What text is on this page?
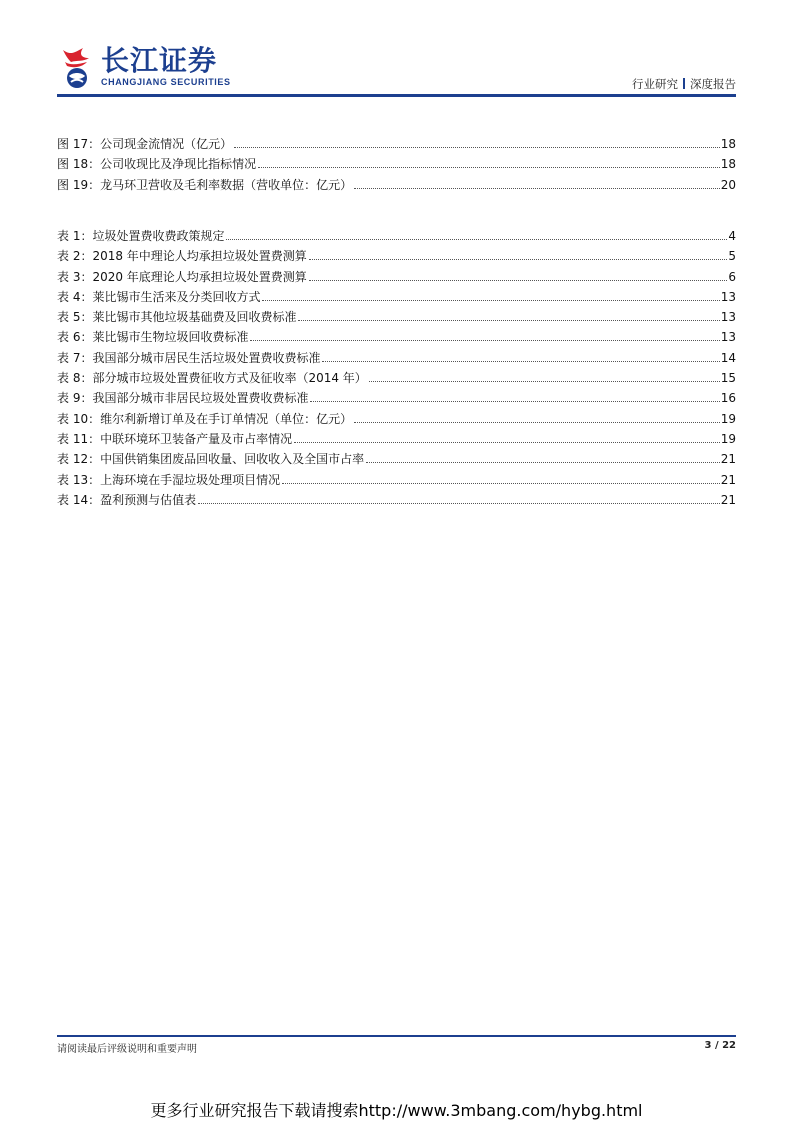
长江证券
CHANGJIANG SECURITIES	行业研究 深度报告
图 17：公司现金流情况（亿元）	18
图 18：公司收现比及净现比指标情况	18
图 19：龙马环卫营收及毛利率数据（营收单位：亿元）	20
表 1：垃圾处置费收费政策规定	4
表 2：2018 年中理论人均承担垃圾处置费测算	5
表 3：2020 年底理论人均承担垃圾处置费测算	6
表 4：莱比锡市生活来及分类回收方式	13
表 5：莱比锡市其他垃圾基础费及回收费标准	13
表 6：莱比锡市生物垃圾回收费标准	13
表 7：我国部分城市居民生活垃圾处置费收费标准	14
表 8：部分城市垃圾处置费征收方式及征收率（2014 年）	15
表 9：我国部分城市非居民垃圾处置费收费标准	16
表 10：维尔利新增订单及在手订单情况（单位：亿元）	19
表 11：中联环境环卫装备产量及市占率情况	19
表 12：中国供销集团废品回收量、回收收入及全国市占率	21
表 13：上海环境在手湿垃圾处理项目情况	21
表 14：盈利预测与估值表	21
请阅读最后评级说明和重要声明	3 / 22
更多行业研究报告下载请搜索http://www.3mbang.com/hybg.html
